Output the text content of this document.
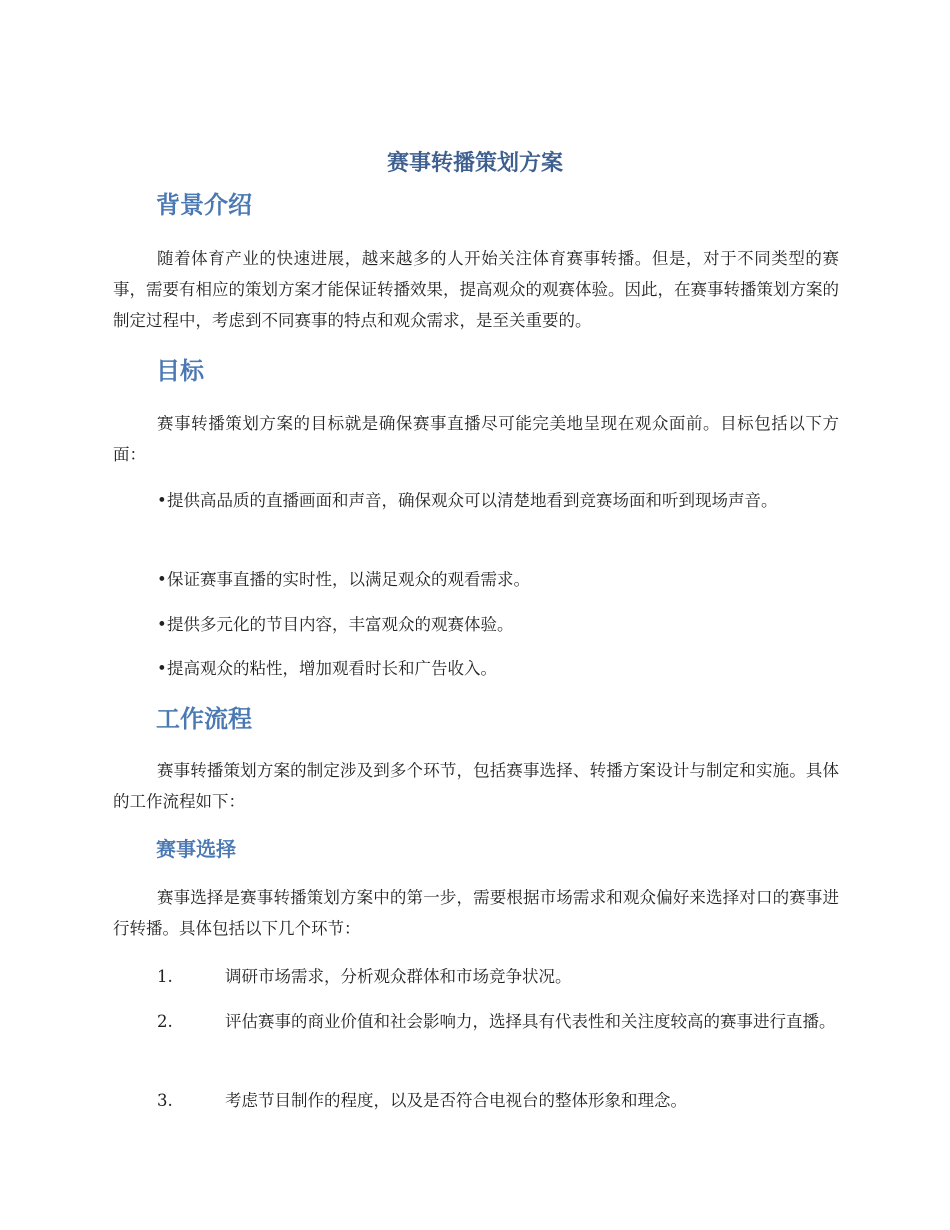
赛事转播策划方案
背景介绍

随着体育产业的快速进展，越来越多的人开始关注体育赛事转播。但是，对于不同类型的赛事，需要有相应的策划方案才能保证转播效果，提高观众的观赛体验。因此，在赛事转播策划方案的制定过程中，考虑到不同赛事的特点和观众需求，是至关重要的。

目标

赛事转播策划方案的目标就是确保赛事直播尽可能完美地呈现在观众面前。目标包括以下方面：

•提供高品质的直播画面和声音，确保观众可以清楚地看到竞赛场面和听到现场声音。

•保证赛事直播的实时性，以满足观众的观看需求。

•提供多元化的节目内容，丰富观众的观赛体验。

•提高观众的粘性，增加观看时长和广告收入。

工作流程

赛事转播策划方案的制定涉及到多个环节，包括赛事选择、转播方案设计与制定和实施。具体的工作流程如下：

赛事选择

赛事选择是赛事转播策划方案中的第一步，需要根据市场需求和观众偏好来选择对口的赛事进行转播。具体包括以下几个环节：

1.	调研市场需求，分析观众群体和市场竞争状况。

2.	评估赛事的商业价值和社会影响力，选择具有代表性和关注度较高的赛事进行直播。

3.	考虑节目制作的程度，以及是否符合电视台的整体形象和理念。
